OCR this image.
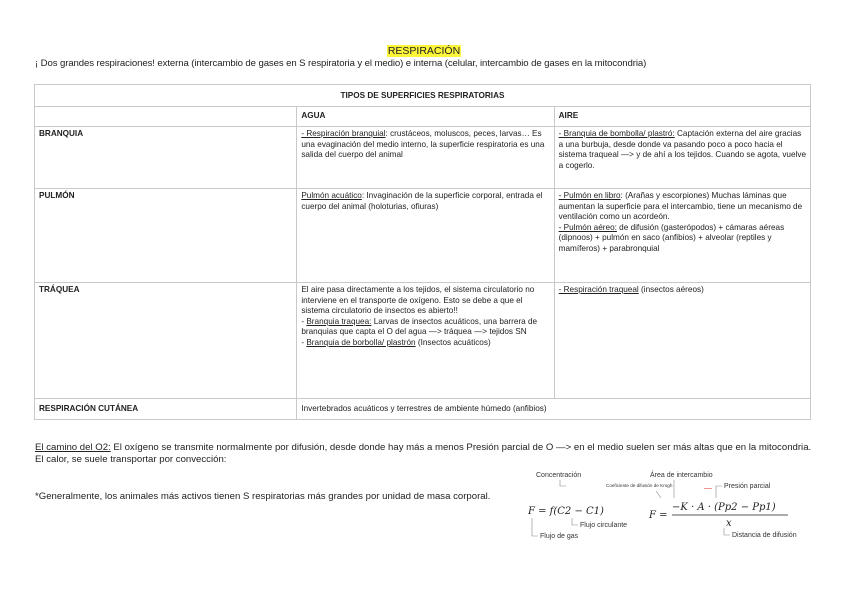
RESPIRACIÓN
¡ Dos grandes respiraciones! externa (intercambio de gases en S respiratoria y el medio) e interna (celular, intercambio de gases en la mitocondria)
TIPOS DE SUPERFICIES RESPIRATORIAS		
	AGUA	AIRE
BRANQUIA	- Respiración branquial: crustáceos, moluscos, peces, larvas… Es una evaginación del medio interno, la superficie respiratoria es una salida del cuerpo del animal	- Branquia de bombolla/ plastró: Captación externa del aire gracias a una burbuja, desde donde va pasando poco a poco hacia el sistema traqueal —> y de ahí a los tejidos. Cuando se agota, vuelve a cogerlo.
PULMÓN	Pulmón acuático: Invaginación de la superficie corporal, entrada el cuerpo del animal (holoturias, ofiuras)	- Pulmón en libro: (Arañas y escorpiones) Muchas láminas que aumentan la superficie para el intercambio, tiene un mecanismo de ventilación como un acordeón.
- Pulmón aéreo: de difusión (gasterópodos) + cámaras aéreas (dipnoos) + pulmón en saco (anfibios) + alveolar (reptiles y mamíferos) + parabronquial
TRÁQUEA	El aire pasa directamente a los tejidos, el sistema circulatorio no interviene en el transporte de oxígeno. Esto se debe a que el sistema circulatorio de insectos es abierto!!
- Branquia traquea: Larvas de insectos acuáticos, una barrera de branquias que capta el O del agua —> tráquea —> tejidos SN
- Branquia de borbolla/ plastrón (Insectos acuáticos)	- Respiración traqueal (insectos aéreos)
RESPIRACIÓN CUTÁNEA	Invertebrados acuáticos y terrestres de ambiente húmedo (anfibios)	
El camino del O2: El oxígeno se transmite normalmente por difusión, desde donde hay más a menos Presión parcial de O —> en el medio suelen ser más altas que en la mitocondria. El calor, se suele transportar por convección:
*Generalmente, los animales más activos tienen S respiratorias más grandes por unidad de masa corporal.
Concentración
F = f(C2 − C1)
Flujo circulante
Flujo de gas
Área de intercambio
Coeficiente de difusión de Krogh	Presión parcial
F =
−K · A · (Pp2 − Pp1)
x
Distancia de difusión
